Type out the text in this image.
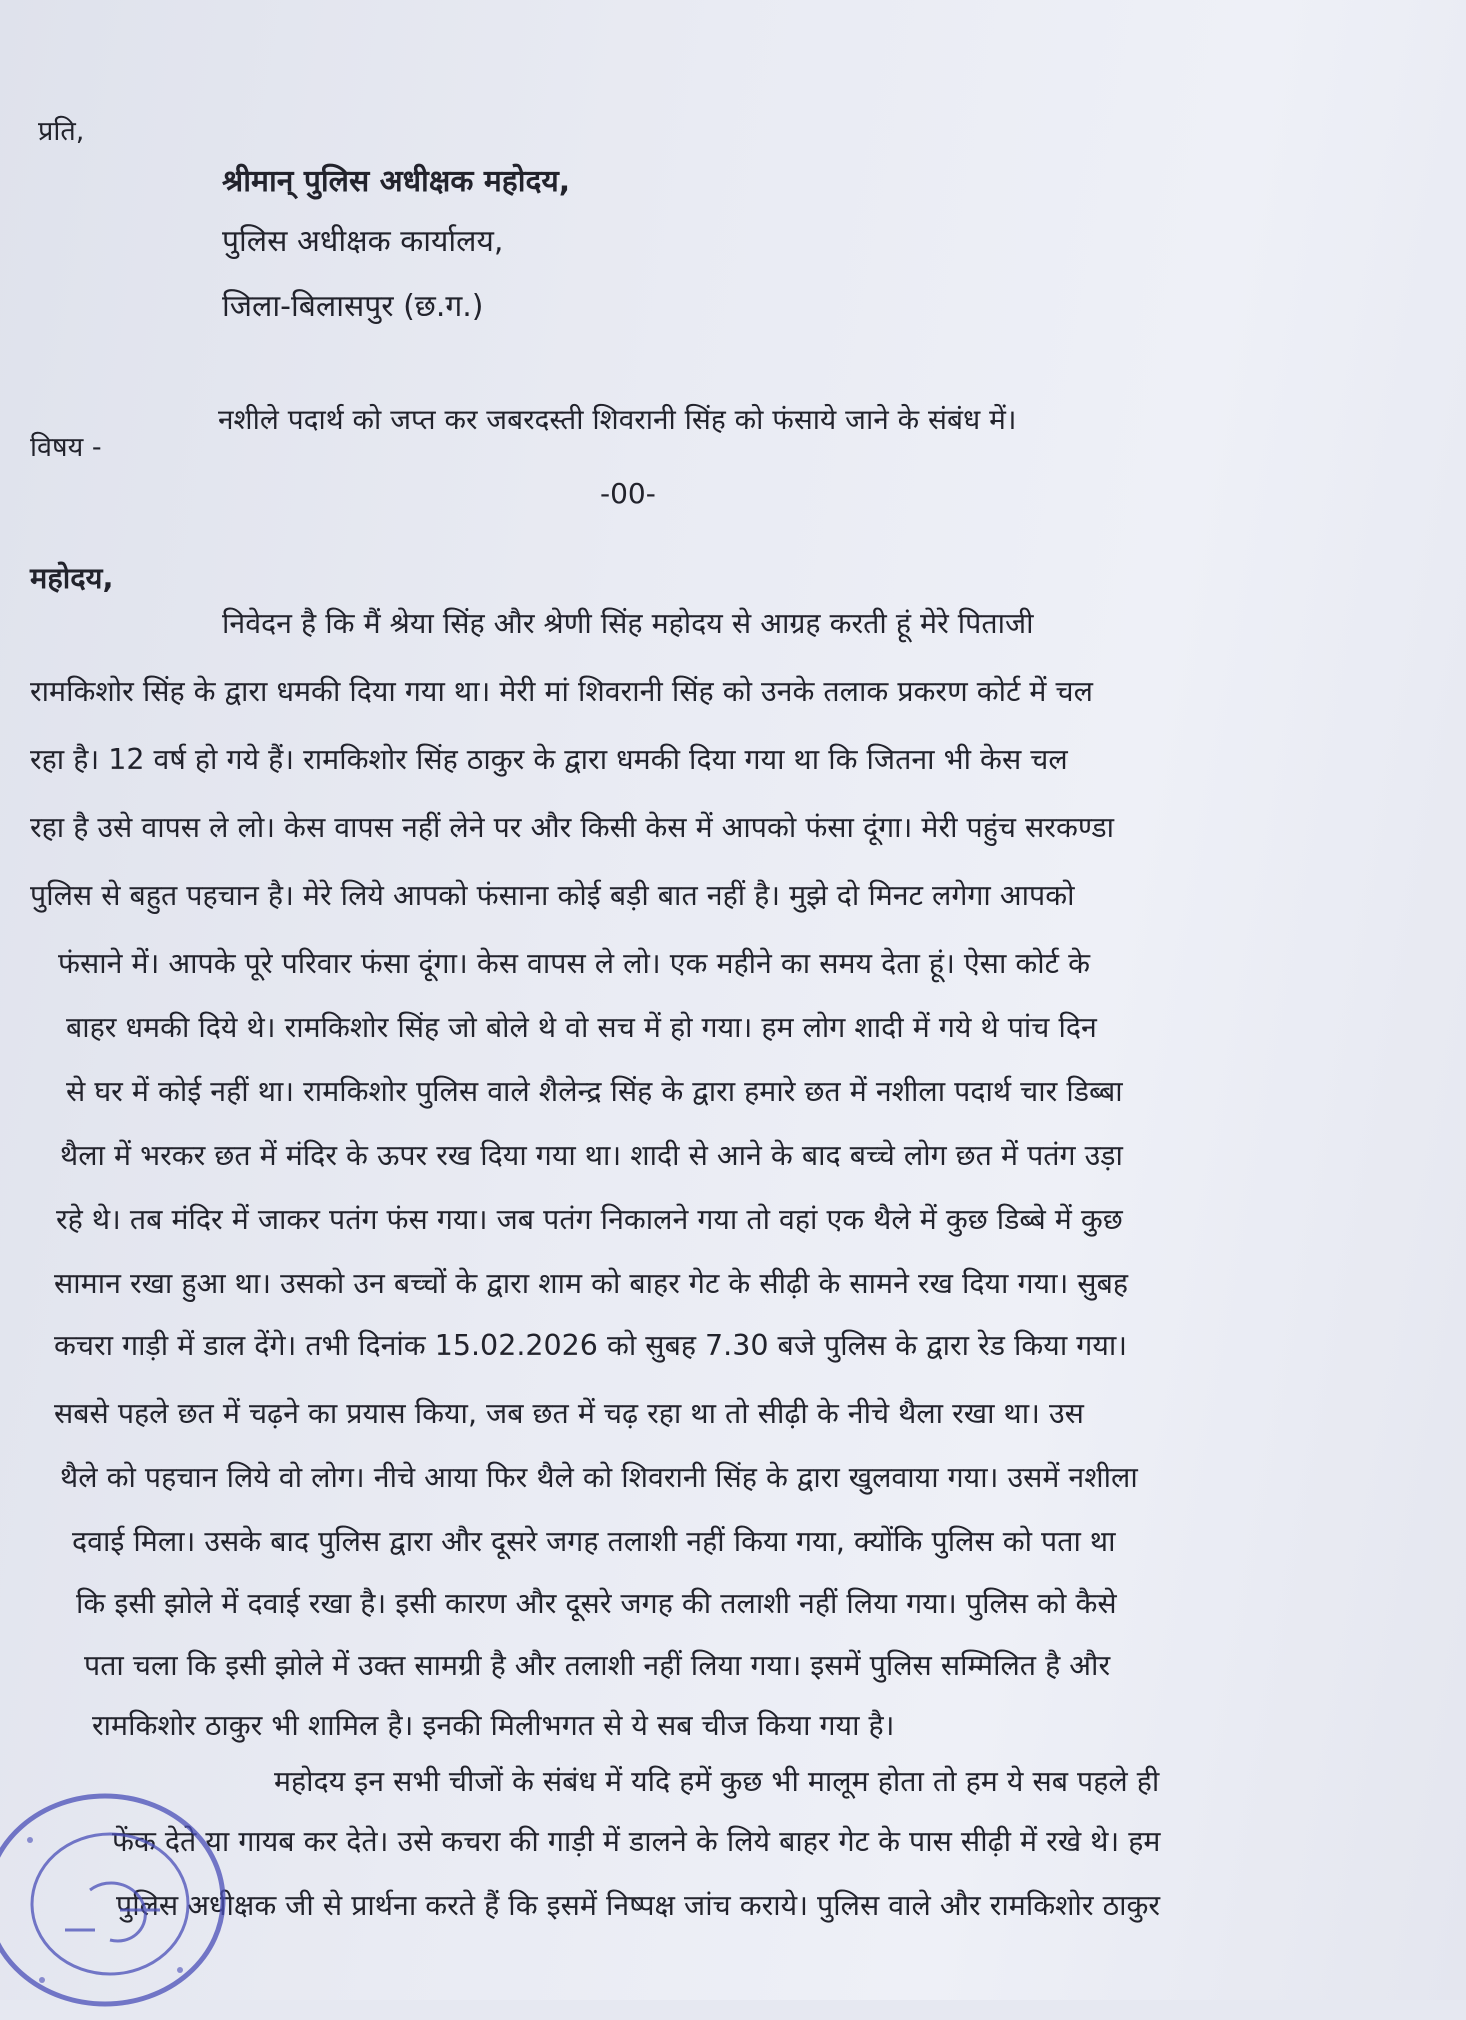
प्रति,
श्रीमान् पुलिस अधीक्षक महोदय,
पुलिस अधीक्षक कार्यालय,
जिला-बिलासपुर (छ.ग.)
विषय -
नशीले पदार्थ को जप्त कर जबरदस्ती शिवरानी सिंह को फंसाये जाने के संबंध में।
-00-
महोदय,
निवेदन है कि मैं श्रेया सिंह और श्रेणी सिंह महोदय से आग्रह करती हूं मेरे पिताजी
रामकिशोर सिंह के द्वारा धमकी दिया गया था। मेरी मां शिवरानी सिंह को उनके तलाक प्रकरण कोर्ट में चल
रहा है। 12 वर्ष हो गये हैं। रामकिशोर सिंह ठाकुर के द्वारा धमकी दिया गया था कि जितना भी केस चल
रहा है उसे वापस ले लो। केस वापस नहीं लेने पर और किसी केस में आपको फंसा दूंगा। मेरी पहुंच सरकण्डा
पुलिस से बहुत पहचान है। मेरे लिये आपको फंसाना कोई बड़ी बात नहीं है। मुझे दो मिनट लगेगा आपको
फंसाने में। आपके पूरे परिवार फंसा दूंगा। केस वापस ले लो। एक महीने का समय देता हूं। ऐसा कोर्ट के
बाहर धमकी दिये थे। रामकिशोर सिंह जो बोले थे वो सच में हो गया। हम लोग शादी में गये थे पांच दिन
से घर में कोई नहीं था। रामकिशोर पुलिस वाले शैलेन्द्र सिंह के द्वारा हमारे छत में नशीला पदार्थ चार डिब्बा
थैला में भरकर छत में मंदिर के ऊपर रख दिया गया था। शादी से आने के बाद बच्चे लोग छत में पतंग उड़ा
रहे थे। तब मंदिर में जाकर पतंग फंस गया। जब पतंग निकालने गया तो वहां एक थैले में कुछ डिब्बे में कुछ
सामान रखा हुआ था। उसको उन बच्चों के द्वारा शाम को बाहर गेट के सीढ़ी के सामने रख दिया गया। सुबह
कचरा गाड़ी में डाल देंगे। तभी दिनांक 15.02.2026 को सुबह 7.30 बजे पुलिस के द्वारा रेड किया गया।
सबसे पहले छत में चढ़ने का प्रयास किया, जब छत में चढ़ रहा था तो सीढ़ी के नीचे थैला रखा था। उस
थैले को पहचान लिये वो लोग। नीचे आया फिर थैले को शिवरानी सिंह के द्वारा खुलवाया गया। उसमें नशीला
दवाई मिला। उसके बाद पुलिस द्वारा और दूसरे जगह तलाशी नहीं किया गया, क्योंकि पुलिस को पता था
कि इसी झोले में दवाई रखा है। इसी कारण और दूसरे जगह की तलाशी नहीं लिया गया। पुलिस को कैसे
पता चला कि इसी झोले में उक्त सामग्री है और तलाशी नहीं लिया गया। इसमें पुलिस सम्मिलित है और
रामकिशोर ठाकुर भी शामिल है। इनकी मिलीभगत से ये सब चीज किया गया है।
महोदय इन सभी चीजों के संबंध में यदि हमें कुछ भी मालूम होता तो हम ये सब पहले ही
फेंक देते या गायब कर देते। उसे कचरा की गाड़ी में डालने के लिये बाहर गेट के पास सीढ़ी में रखे थे। हम
पुलिस अधीक्षक जी से प्रार्थना करते हैं कि इसमें निष्पक्ष जांच कराये। पुलिस वाले और रामकिशोर ठाकुर
